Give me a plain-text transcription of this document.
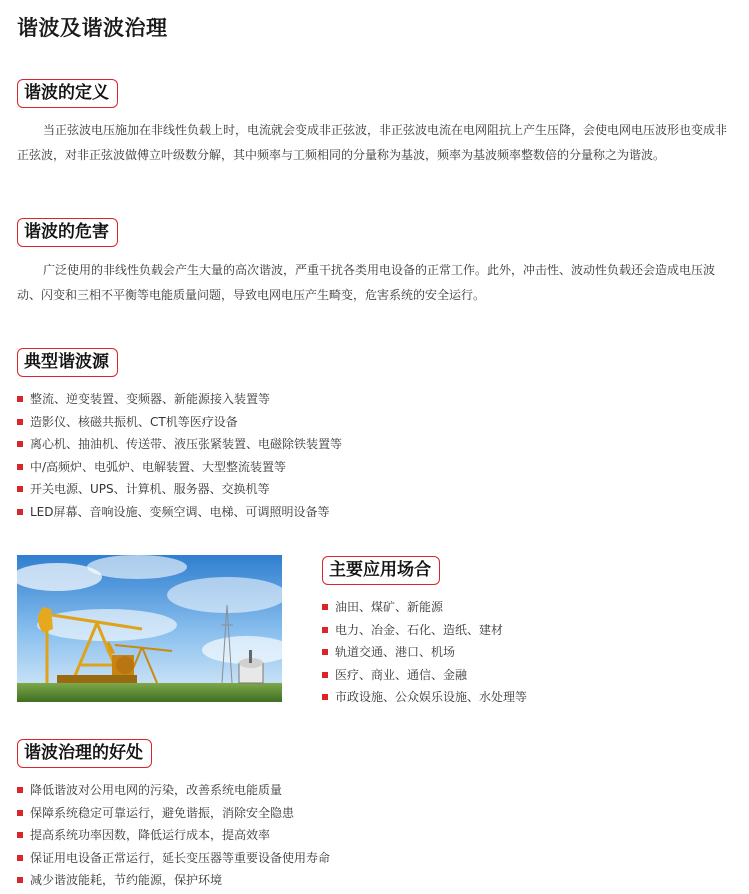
谐波及谐波治理
谐波的定义

当正弦波电压施加在非线性负载上时，电流就会变成非正弦波，非正弦波电流在电网阻抗上产生压降，会使电网电压波形也变成非正弦波，对非正弦波做傅立叶级数分解，其中频率与工频相同的分量称为基波，频率为基波频率整数倍的分量称之为谐波。

谐波的危害

广泛使用的非线性负载会产生大量的高次谐波，严重干扰各类用电设备的正常工作。此外，冲击性、波动性负载还会造成电压波动、闪变和三相不平衡等电能质量问题，导致电网电压产生畸变，危害系统的安全运行。

典型谐波源
整流、逆变装置、变频器、新能源接入装置等
造影仪、核磁共振机、CT机等医疗设备
离心机、抽油机、传送带、液压张紧装置、电磁除铁装置等
中/高频炉、电弧炉、电解装置、大型整流装置等
开关电源、UPS、计算机、服务器、交换机等
LED屏幕、音响设施、变频空调、电梯、可调照明设备等
主要应用场合
油田、煤矿、新能源
电力、冶金、石化、造纸、建材
轨道交通、港口、机场
医疗、商业、通信、金融
市政设施、公众娱乐设施、水处理等
谐波治理的好处
降低谐波对公用电网的污染，改善系统电能质量
保障系统稳定可靠运行，避免谐振，消除安全隐患
提高系统功率因数，降低运行成本，提高效率
保证用电设备正常运行，延长变压器等重要设备使用寿命
减少谐波能耗，节约能源，保护环境
